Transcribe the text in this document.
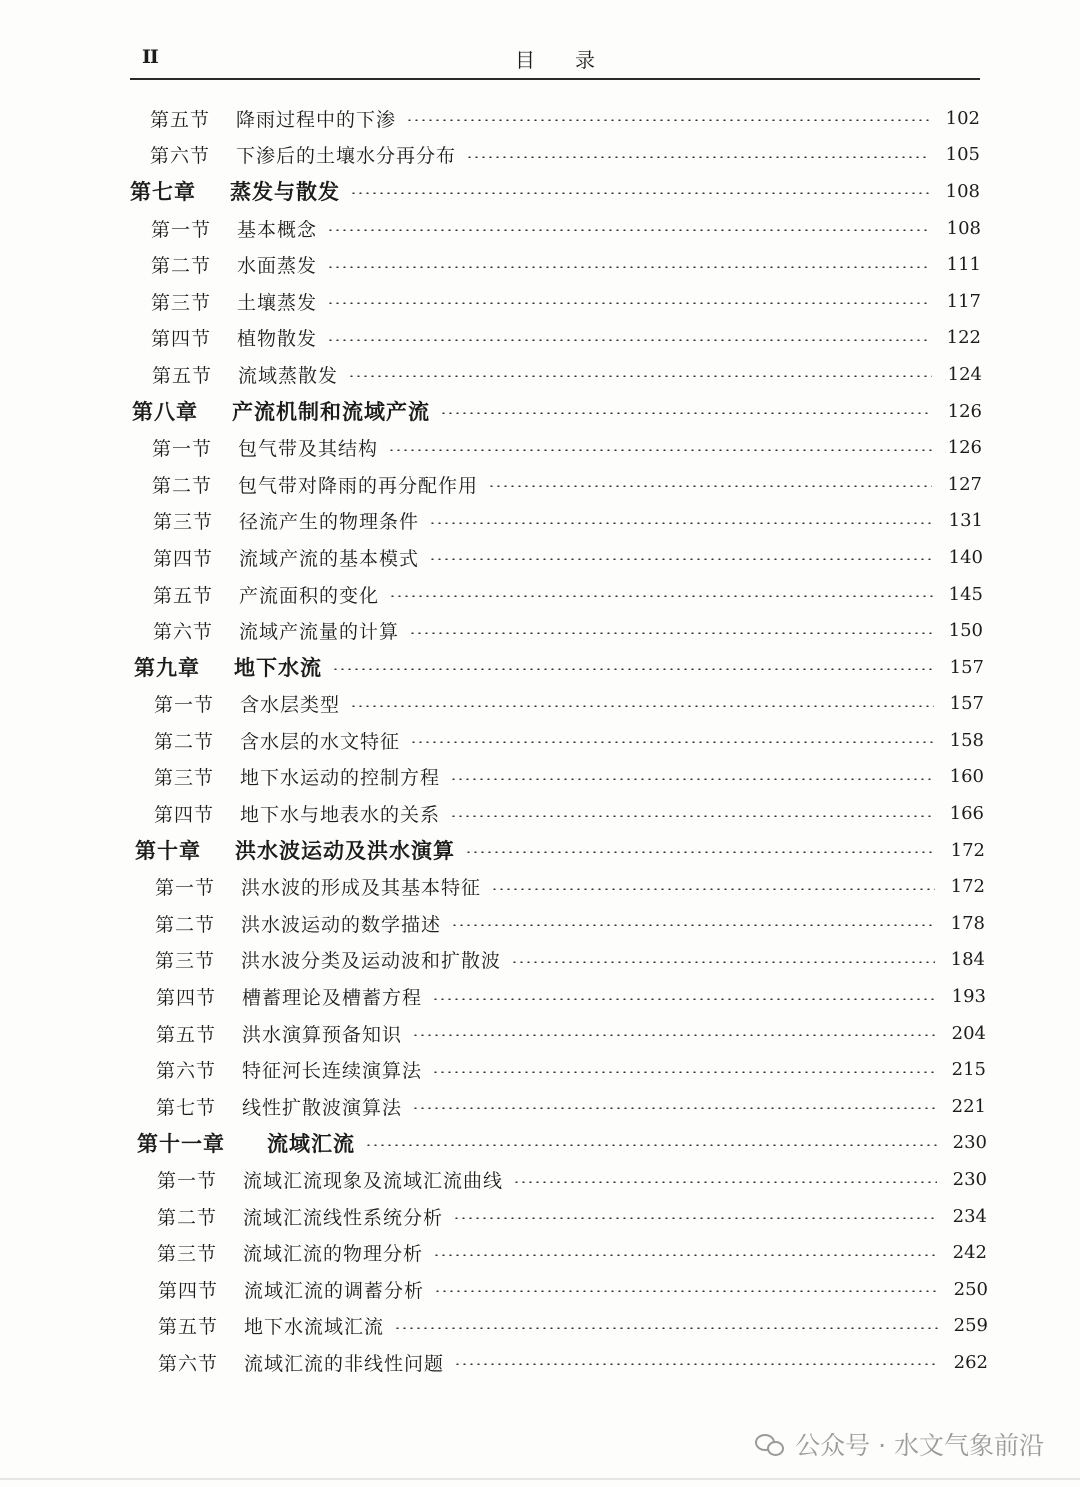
II	目录
第五节	降雨过程中的下渗	102
第六节	下渗后的土壤水分再分布	105
第七章	蒸发与散发	108
第一节	基本概念	108
第二节	水面蒸发	111
第三节	土壤蒸发	117
第四节	植物散发	122
第五节	流域蒸散发	124
第八章	产流机制和流域产流	126
第一节	包气带及其结构	126
第二节	包气带对降雨的再分配作用	127
第三节	径流产生的物理条件	131
第四节	流域产流的基本模式	140
第五节	产流面积的变化	145
第六节	流域产流量的计算	150
第九章	地下水流	157
第一节	含水层类型	157
第二节	含水层的水文特征	158
第三节	地下水运动的控制方程	160
第四节	地下水与地表水的关系	166
第十章	洪水波运动及洪水演算	172
第一节	洪水波的形成及其基本特征	172
第二节	洪水波运动的数学描述	178
第三节	洪水波分类及运动波和扩散波	184
第四节	槽蓄理论及槽蓄方程	193
第五节	洪水演算预备知识	204
第六节	特征河长连续演算法	215
第七节	线性扩散波演算法	221
第十一章	流域汇流	230
第一节	流域汇流现象及流域汇流曲线	230
第二节	流域汇流线性系统分析	234
第三节	流域汇流的物理分析	242
第四节	流域汇流的调蓄分析	250
第五节	地下水流域汇流	259
第六节	流域汇流的非线性问题	262
公众号 · 水文气象前沿
